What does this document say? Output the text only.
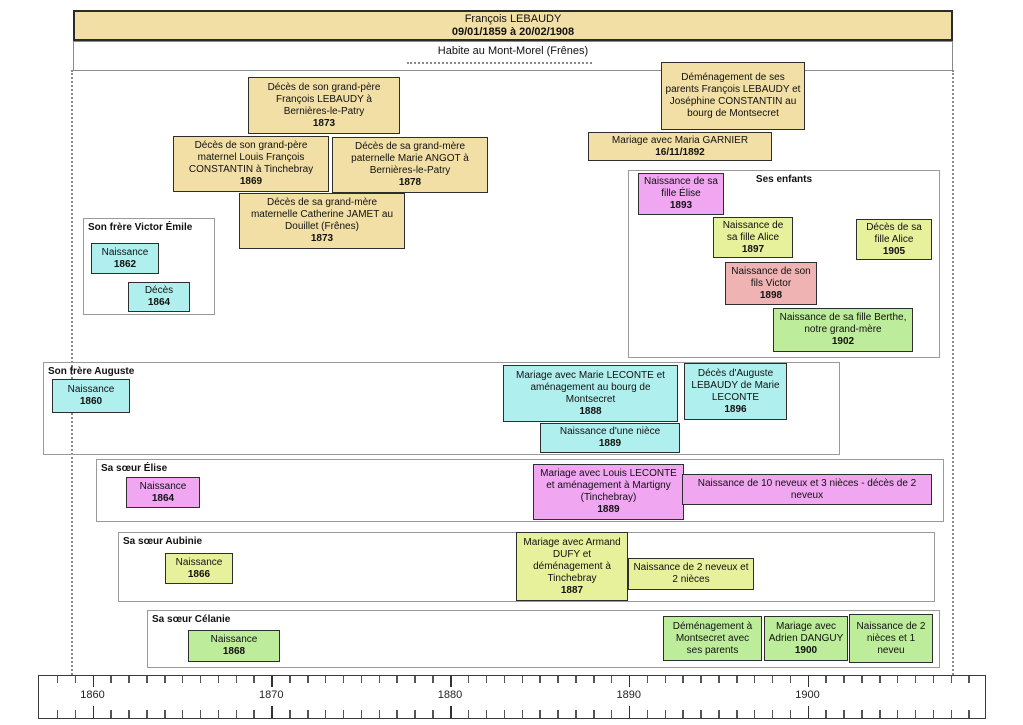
François LEBAUDY
09/01/1859 à 20/02/1908
Habite au Mont-Morel (Frênes)
Décès de son grand-père François LEBAUDY à Bernières-le-Patry
1873
Décès de son grand-père maternel Louis François CONSTANTIN à Tinchebray
1869
Décès de sa grand-mère paternelle Marie ANGOT à Bernières-le-Patry
1878
Décès de sa grand-mère maternelle Catherine JAMET au Douillet (Frênes)
1873
Déménagement de ses parents François LEBAUDY et Joséphine CONSTANTIN au bourg de Montsecret
Mariage avec Maria GARNIER
16/11/1892
Ses enfants
Naissance de sa fille Élise
1893
Naissance de sa fille Alice
1897
Décès de sa fille Alice
1905
Naissance de son fils Victor
1898
Naissance de sa fille Berthe, notre grand-mère
1902
Son frère Victor Émile
Naissance
1862
Décès
1864
Son frère Auguste
Naissance
1860
Mariage avec Marie LECONTE et aménagement au bourg de Montsecret
1888
Décès d'Auguste LEBAUDY de Marie LECONTE
1896
Naissance d'une nièce
1889
Sa sœur Élise
Naissance
1864
Mariage avec Louis LECONTE et aménagement à Martigny (Tinchebray)
1889
Naissance de 10 neveux et 3 nièces - décès de 2 neveux
Sa sœur Aubinie
Naissance
1866
Mariage avec Armand DUFY et déménagement à Tinchebray
1887
Naissance de 2 neveux et 2 nièces
Sa sœur Célanie
Naissance
1868
Déménagement à Montsecret avec ses parents
Mariage avec Adrien DANGUY
1900
Naissance de 2 nièces et 1 neveu
1860	1870	1880	1890	1900
